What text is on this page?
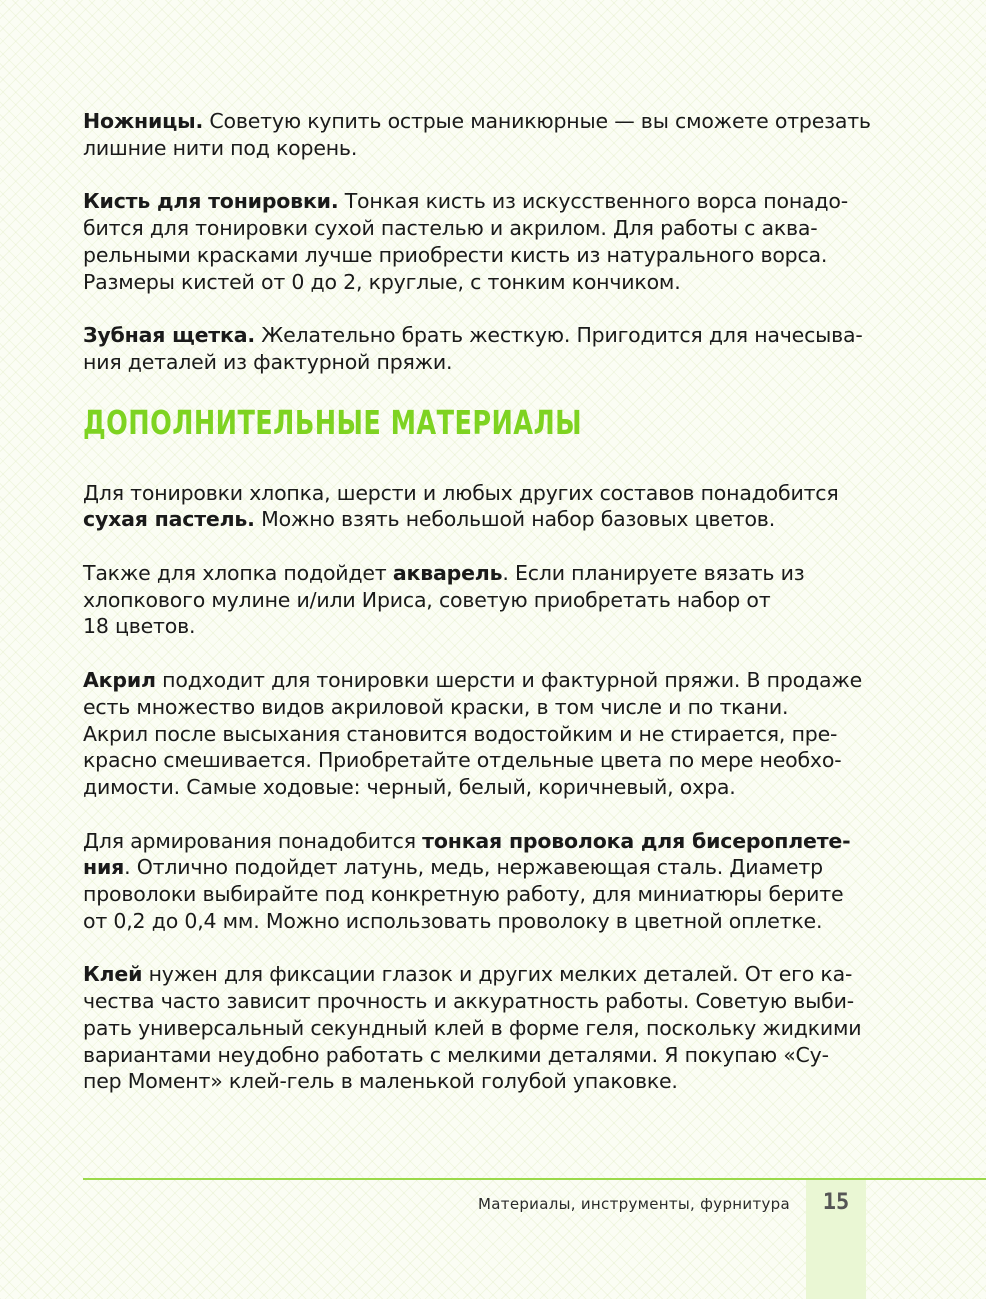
Ножницы. Советую купить острые маникюрные — вы сможете отрезать
лишние нити под корень.
Кисть для тонировки. Тонкая кисть из искусственного ворса понадо-
бится для тонировки сухой пастелью и акрилом. Для работы с аква-
рельными красками лучше приобрести кисть из натурального ворса.
Размеры кистей от 0 до 2, круглые, с тонким кончиком.
Зубная щетка. Желательно брать жесткую. Пригодится для начесыва-
ния деталей из фактурной пряжи.
ДОПОЛНИТЕЛЬНЫЕ МАТЕРИАЛЫ
Для тонировки хлопка, шерсти и любых других составов понадобится
сухая пастель. Можно взять небольшой набор базовых цветов.
Также для хлопка подойдет акварель. Если планируете вязать из
хлопкового мулине и/или Ириса, советую приобретать набор от
18 цветов.
Акрил подходит для тонировки шерсти и фактурной пряжи. В продаже
есть множество видов акриловой краски, в том числе и по ткани.
Акрил после высыхания становится водостойким и не стирается, пре-
красно смешивается. Приобретайте отдельные цвета по мере необхо-
димости. Самые ходовые: черный, белый, коричневый, охра.
Для армирования понадобится тонкая проволока для бисероплете-
ния. Отлично подойдет латунь, медь, нержавеющая сталь. Диаметр
проволоки выбирайте под конкретную работу, для миниатюры берите
от 0,2 до 0,4 мм. Можно использовать проволоку в цветной оплетке.
Клей нужен для фиксации глазок и других мелких деталей. От его ка-
чества часто зависит прочность и аккуратность работы. Советую выби-
рать универсальный секундный клей в форме геля, поскольку жидкими
вариантами неудобно работать с мелкими деталями. Я покупаю «Су-
пер Момент» клей-гель в маленькой голубой упаковке.
Материалы, инструменты, фурнитура	15
